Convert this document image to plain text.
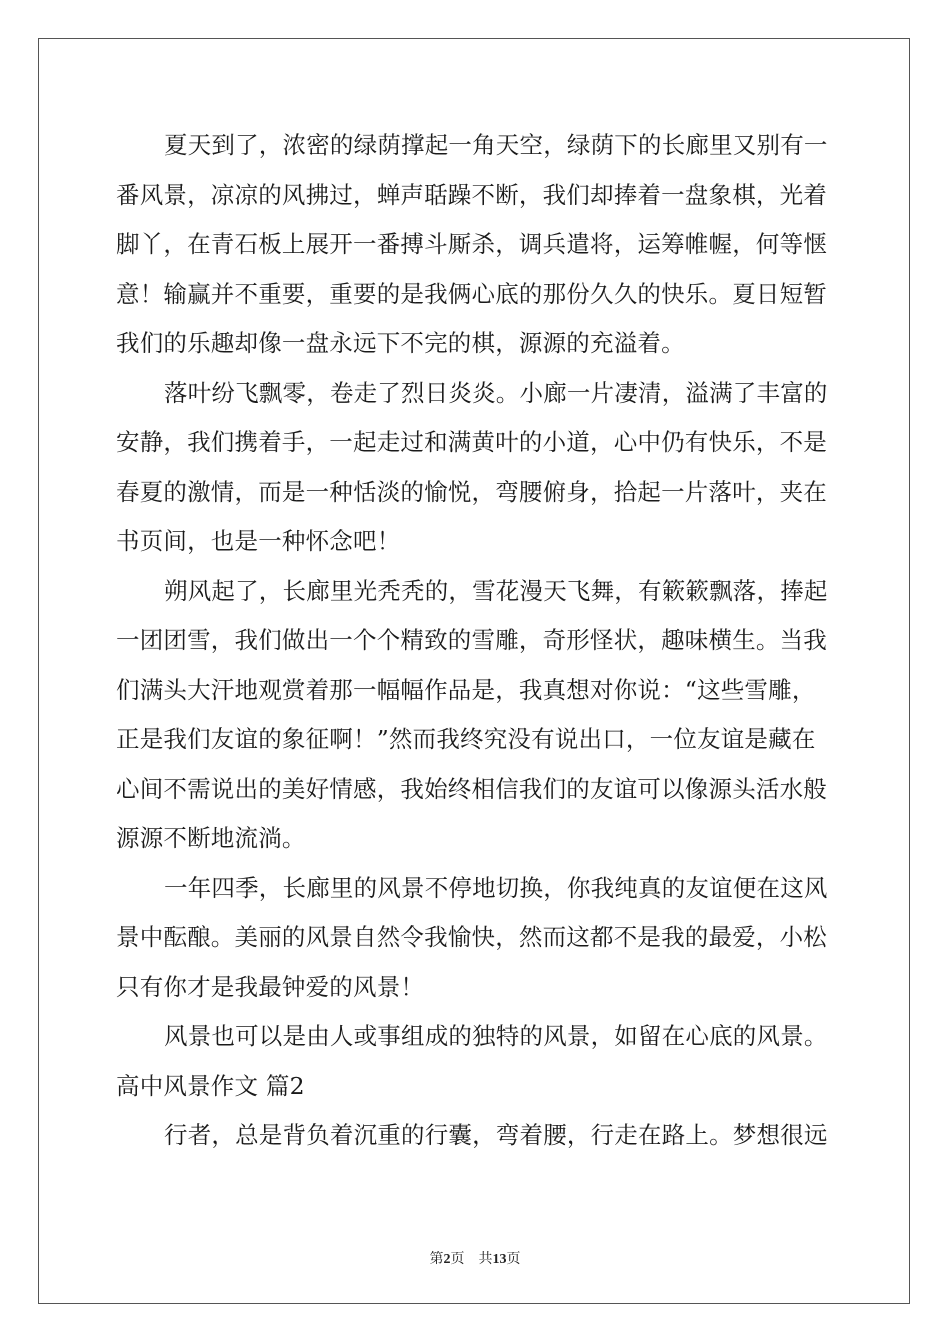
夏天到了，浓密的绿荫撑起一角天空，绿荫下的长廊里又别有一
番风景，凉凉的风拂过，蝉声聒躁不断，我们却捧着一盘象棋，光着
脚丫，在青石板上展开一番搏斗厮杀，调兵遣将，运筹帷幄，何等惬
意！输赢并不重要，重要的是我俩心底的那份久久的快乐。夏日短暂
我们的乐趣却像一盘永远下不完的棋，源源的充溢着。
落叶纷飞飘零，卷走了烈日炎炎。小廊一片凄清，溢满了丰富的
安静，我们携着手，一起走过和满黄叶的小道，心中仍有快乐，不是
春夏的激情，而是一种恬淡的愉悦，弯腰俯身，拾起一片落叶，夹在
书页间，也是一种怀念吧！
朔风起了，长廊里光秃秃的，雪花漫天飞舞，有簌簌飘落，捧起
一团团雪，我们做出一个个精致的雪雕，奇形怪状，趣味横生。当我
们满头大汗地观赏着那一幅幅作品是，我真想对你说：“这些雪雕，
正是我们友谊的象征啊！”然而我终究没有说出口，一位友谊是藏在
心间不需说出的美好情感，我始终相信我们的友谊可以像源头活水般
源源不断地流淌。
一年四季，长廊里的风景不停地切换，你我纯真的友谊便在这风
景中酝酿。美丽的风景自然令我愉快，然而这都不是我的最爱，小松
只有你才是我最钟爱的风景！
风景也可以是由人或事组成的独特的风景，如留在心底的风景。
高中风景作文 篇2
行者，总是背负着沉重的行囊，弯着腰，行走在路上。梦想很远
第2页 共13页
